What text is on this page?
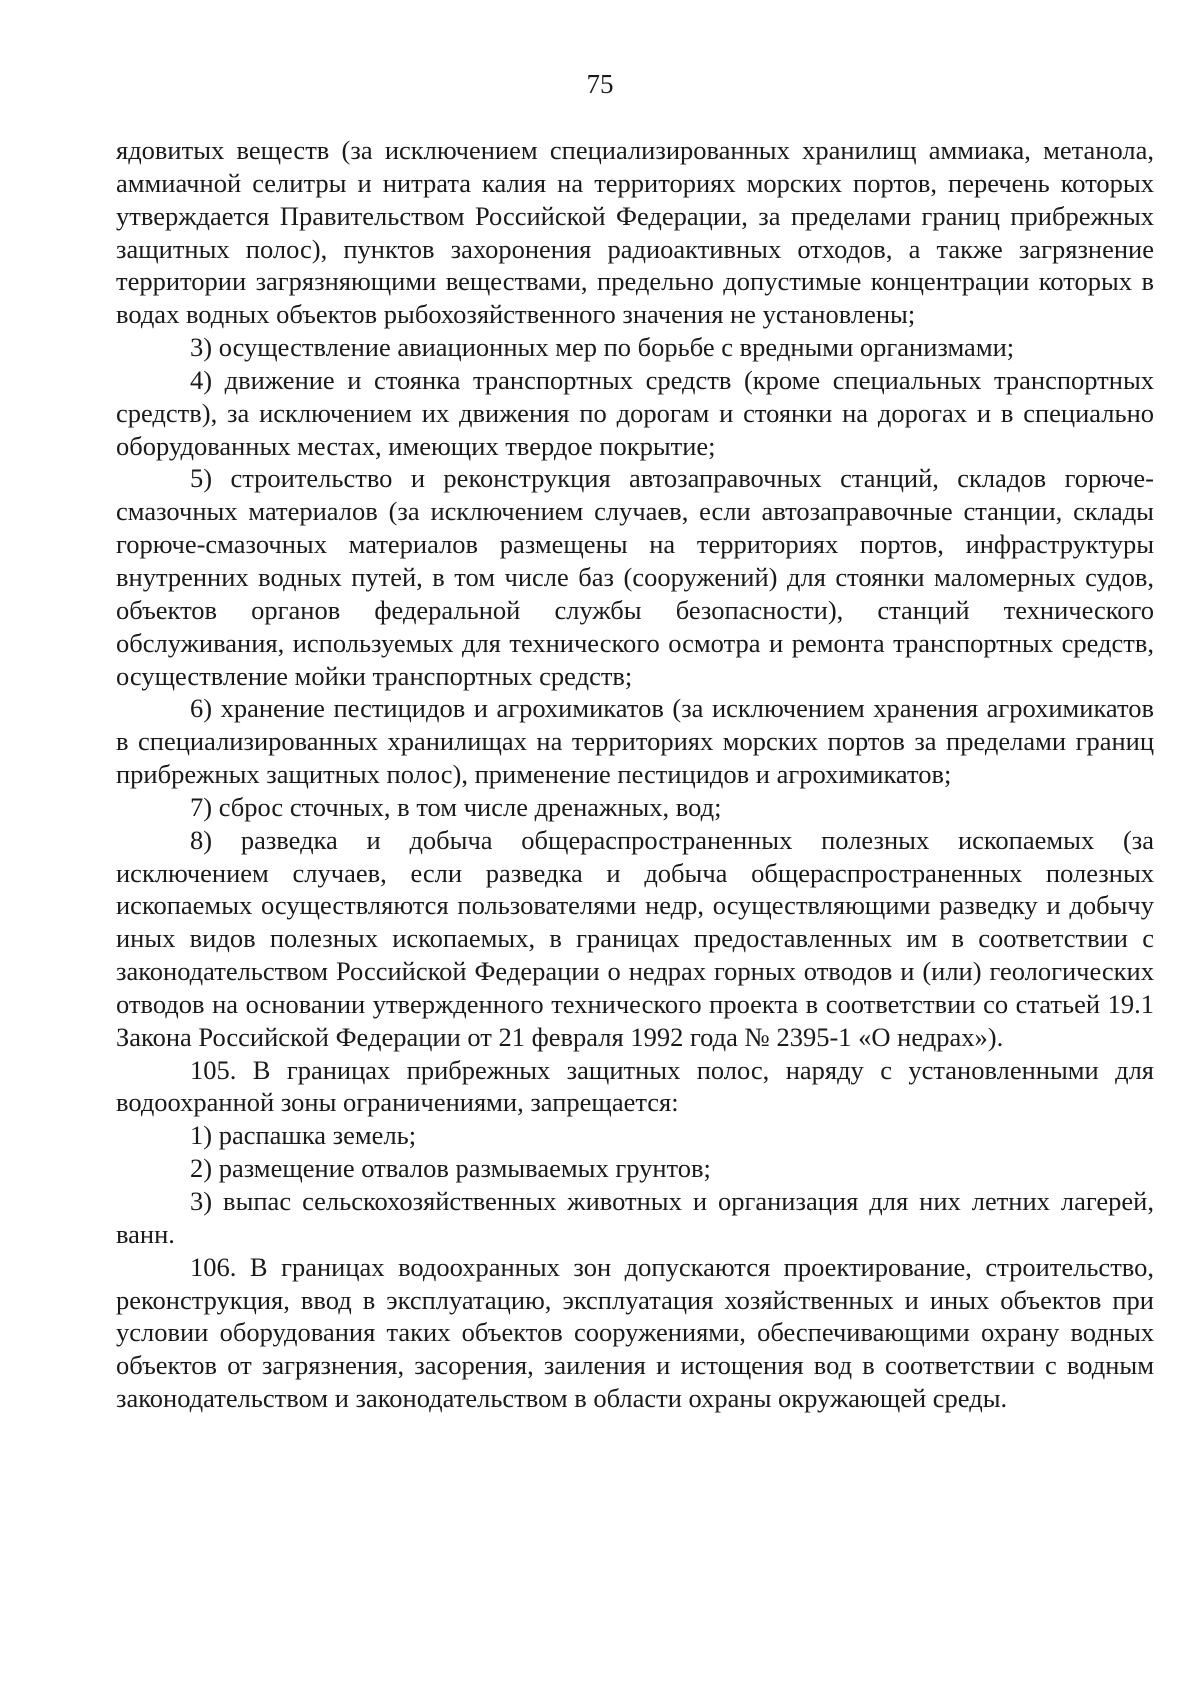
75

ядовитых веществ (за исключением специализированных хранилищ аммиака, метанола, аммиачной селитры и нитрата калия на территориях морских портов, перечень которых утверждается Правительством Российской Федерации, за пределами границ прибрежных защитных полос), пунктов захоронения радиоактивных отходов, а также загрязнение территории загрязняющими веществами, предельно допустимые концентрации которых в водах водных объектов рыбохозяйственного значения не установлены;

3) осуществление авиационных мер по борьбе с вредными организмами;

4) движение и стоянка транспортных средств (кроме специальных транспортных средств), за исключением их движения по дорогам и стоянки на дорогах и в специально оборудованных местах, имеющих твердое покрытие;

5) строительство и реконструкция автозаправочных станций, складов горюче-смазочных материалов (за исключением случаев, если автозаправочные станции, склады горюче-смазочных материалов размещены на территориях портов, инфраструктуры внутренних водных путей, в том числе баз (сооружений) для стоянки маломерных судов, объектов органов федеральной службы безопасности), станций технического обслуживания, используемых для технического осмотра и ремонта транспортных средств, осуществление мойки транспортных средств;

6) хранение пестицидов и агрохимикатов (за исключением хранения агрохимикатов в специализированных хранилищах на территориях морских портов за пределами границ прибрежных защитных полос), применение пестицидов и агрохимикатов;

7) сброс сточных, в том числе дренажных, вод;

8) разведка и добыча общераспространенных полезных ископаемых (за исключением случаев, если разведка и добыча общераспространенных полезных ископаемых осуществляются пользователями недр, осуществляющими разведку и добычу иных видов полезных ископаемых, в границах предоставленных им в соответствии с законодательством Российской Федерации о недрах горных отводов и (или) геологических отводов на основании утвержденного технического проекта в соответствии со статьей 19.1 Закона Российской Федерации от 21 февраля 1992 года № 2395-1 «О недрах»).

105. В границах прибрежных защитных полос, наряду с установленными для водоохранной зоны ограничениями, запрещается:

1) распашка земель;

2) размещение отвалов размываемых грунтов;

3) выпас сельскохозяйственных животных и организация для них летних лагерей, ванн.

106. В границах водоохранных зон допускаются проектирование, строительство, реконструкция, ввод в эксплуатацию, эксплуатация хозяйственных и иных объектов при условии оборудования таких объектов сооружениями, обеспечивающими охрану водных объектов от загрязнения, засорения, заиления и истощения вод в соответствии с водным законодательством и законодательством в области охраны окружающей среды.
